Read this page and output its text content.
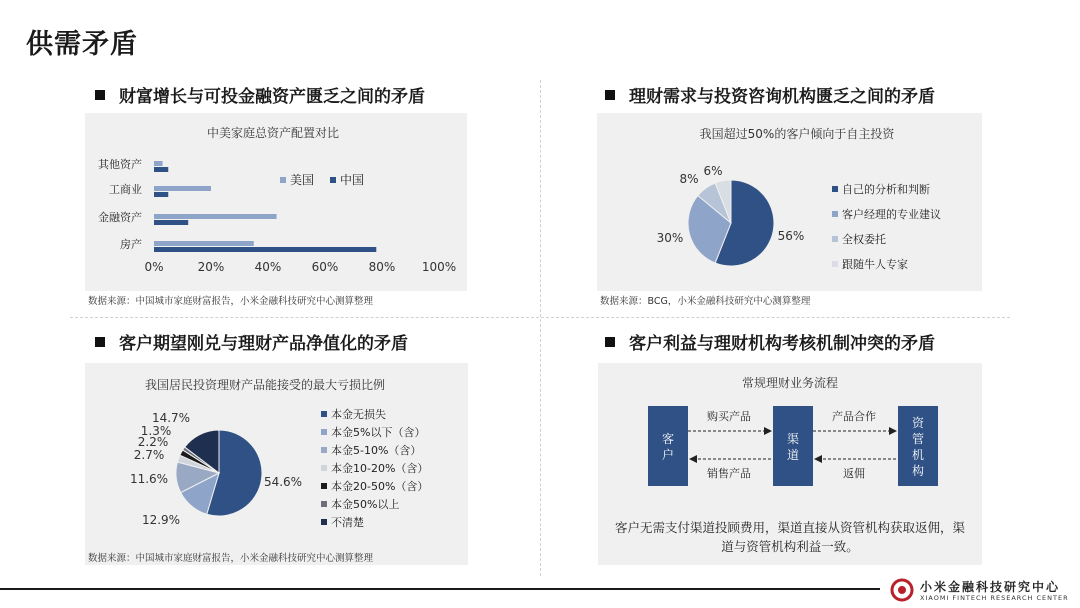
供需矛盾
财富增长与可投金融资产匮乏之间的矛盾	理财需求与投资咨询机构匮乏之间的矛盾
客户期望刚兑与理财产品净值化的矛盾	客户利益与理财机构考核机制冲突的矛盾
中美家庭总资产配置对比
其他资产
工商业
金融资产
房产
0%	20%	40%	60%	80% 100%
美国 中国
数据来源：中国城市家庭财富报告，小米金融科技研究中心测算整理
我国超过50%的客户倾向于自主投资
56%
30%
8%
6%
自己的分析和判断
客户经理的专业建议
全权委托
跟随牛人专家
数据来源：BCG，小米金融科技研究中心测算整理
我国居民投资理财产品能接受的最大亏损比例
54.6%
12.9%
11.6%
2.7%
2.2%
1.3%
14.7%	本金无损失
本金5%以下（含）
本金5-10%（含）
本金10-20%（含）
本金20-50%（含）
本金50%以上
不清楚
数据来源：中国城市家庭财富报告，小米金融科技研究中心测算整理
常规理财业务流程
客
户
渠
道
资
管
机
构
购买产品	产品合作
销售产品	返佣
客户无需支付渠道投顾费用，渠道直接从资管机构获取返佣，渠道与资管机构利益一致。
小米金融科技研究中心
XIAOMI FINTECH RESEARCH CENTER
